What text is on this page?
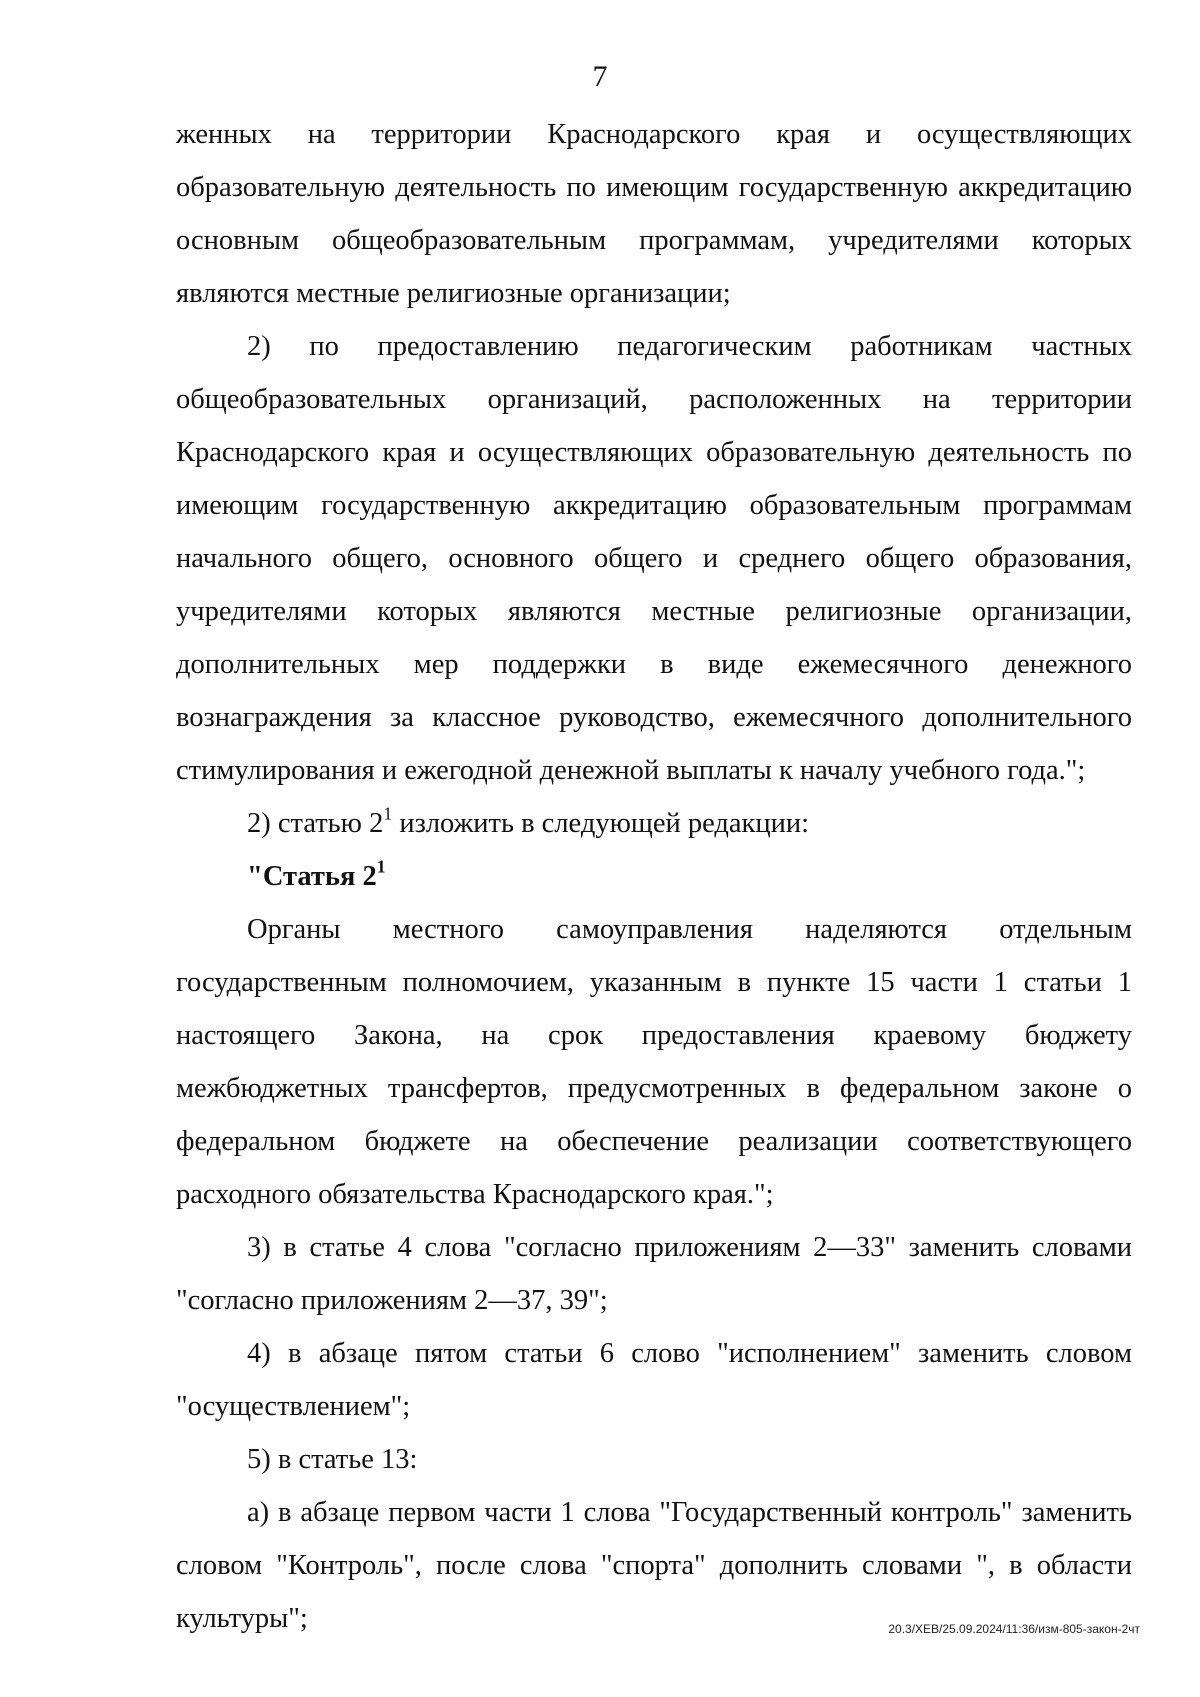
7

женных на территории Краснодарского края и осуществляющих образовательную деятельность по имеющим государственную аккредитацию основным общеобразовательным программам, учредителями которых являются местные религиозные организации;

2) по предоставлению педагогическим работникам частных общеобразовательных организаций, расположенных на территории Краснодарского края и осуществляющих образовательную деятельность по имеющим государственную аккредитацию образовательным программам начального общего, основного общего и среднего общего образования, учредителями которых являются местные религиозные организации, дополнительных мер поддержки в виде ежемесячного денежного вознаграждения за классное руководство, ежемесячного дополнительного стимулирования и ежегодной денежной выплаты к началу учебного года.";

2) статью $2^1$ изложить в следующей редакции:

"Статья $2^1$

Органы местного самоуправления наделяются отдельным государственным полномочием, указанным в пункте 15 части 1 статьи 1 настоящего Закона, на срок предоставления краевому бюджету межбюджетных трансфертов, предусмотренных в федеральном законе о федеральном бюджете на обеспечение реализации соответствующего расходного обязательства Краснодарского края.";

3) в статье 4 слова "согласно приложениям 2—33" заменить словами "согласно приложениям 2—37, 39";

4) в абзаце пятом статьи 6 слово "исполнением" заменить словом "осуществлением";

5) в статье 13:

а) в абзаце первом части 1 слова "Государственный контроль" заменить словом "Контроль", после слова "спорта" дополнить словами ", в области культуры";	20.3/ХЕВ/25.09.2024/11:36/изм-805-закон-2чт
